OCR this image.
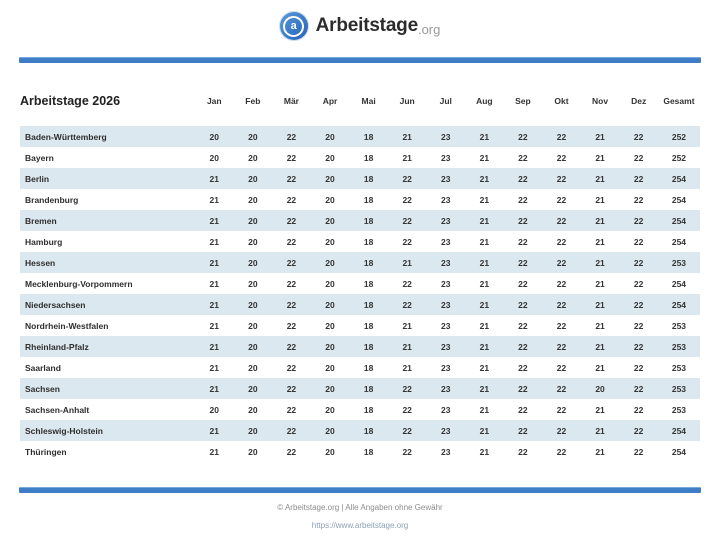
a Arbeitstage .org
Arbeitstage 2026	Jan	Feb	Mär	Apr	Mai	Jun	Jul	Aug	Sep	Okt	Nov	Dez	Gesamt
Baden-Württemberg	20	20	22	20	18	21	23	21	22	22	21	22	252
Bayern	20	20	22	20	18	21	23	21	22	22	21	22	252
Berlin	21	20	22	20	18	22	23	21	22	22	21	22	254
Brandenburg	21	20	22	20	18	22	23	21	22	22	21	22	254
Bremen	21	20	22	20	18	22	23	21	22	22	21	22	254
Hamburg	21	20	22	20	18	22	23	21	22	22	21	22	254
Hessen	21	20	22	20	18	21	23	21	22	22	21	22	253
Mecklenburg-Vorpommern	21	20	22	20	18	22	23	21	22	22	21	22	254
Niedersachsen	21	20	22	20	18	22	23	21	22	22	21	22	254
Nordrhein-Westfalen	21	20	22	20	18	21	23	21	22	22	21	22	253
Rheinland-Pfalz	21	20	22	20	18	21	23	21	22	22	21	22	253
Saarland	21	20	22	20	18	21	23	21	22	22	21	22	253
Sachsen	21	20	22	20	18	22	23	21	22	22	20	22	253
Sachsen-Anhalt	20	20	22	20	18	22	23	21	22	22	21	22	253
Schleswig-Holstein	21	20	22	20	18	22	23	21	22	22	21	22	254
Thüringen	21	20	22	20	18	22	23	21	22	22	21	22	254
© Arbeitstage.org | Alle Angaben ohne Gewähr
https://www.arbeitstage.org
